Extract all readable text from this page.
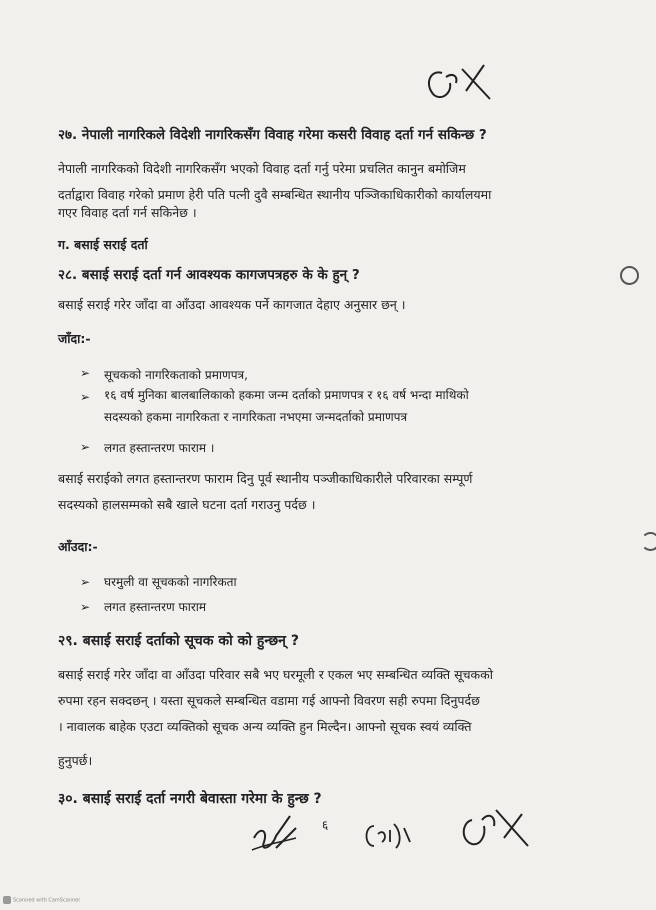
२७. नेपाली नागरिकले विदेशी नागरिकसँग विवाह गरेमा कसरी विवाह दर्ता गर्न सकिन्छ ?
नेपाली नागरिकको विदेशी नागरिकसँग भएको विवाह दर्ता गर्नु परेमा प्रचलित कानुन बमोजिम
दर्ताद्वारा विवाह गरेको प्रमाण हेरी पति पत्नी दुवै सम्बन्धित स्थानीय पञ्जिकाधिकारीको कार्यालयमा
गएर विवाह दर्ता गर्न सकिनेछ ।
ग. बसाई सराई दर्ता
२८. बसाई सराई दर्ता गर्न आवश्यक कागजपत्रहरु के के हुन् ?
बसाई सराई गरेर जाँदा वा आँउदा आवश्यक पर्ने कागजात देहाए अनुसार छन् ।
जाँदा:-
➢ सूचकको नागरिकताको प्रमाणपत्र,
➢ १६ वर्ष मुनिका बालबालिकाको हकमा जन्म दर्ताको प्रमाणपत्र र १६ वर्ष भन्दा माथिको
सदस्यको हकमा नागरिकता र नागरिकता नभएमा जन्मदर्ताको प्रमाणपत्र
➢ लगत हस्तान्तरण फाराम ।
बसाई सराईको लगत हस्तान्तरण फाराम दिनु पूर्व स्थानीय पञ्जीकाधिकारीले परिवारका सम्पूर्ण
सदस्यको हालसम्मको सबै खाले घटना दर्ता गराउनु पर्दछ ।
आँउदा:-
➢ घरमुली वा सूचकको नागरिकता
➢ लगत हस्तान्तरण फाराम
२९. बसाई सराई दर्ताको सूचक को को हुन्छन् ?
बसाई सराई गरेर जाँदा वा आँउदा परिवार सबै भए घरमूली र एकल भए सम्बन्धित व्यक्ति सूचकको
रुपमा रहन सक्दछन् । यस्ता सूचकले सम्बन्धित वडामा गई आफ्नो विवरण सही रुपमा दिनुपर्दछ
। नावालक बाहेक एउटा व्यक्तिको सूचक अन्य व्यक्ति हुन मिल्दैन। आफ्नो सूचक स्वयं व्यक्ति
हुनुपर्छ।
३०. बसाई सराई दर्ता नगरी बेवास्ता गरेमा के हुन्छ ?
६
Scanned with CamScanner
